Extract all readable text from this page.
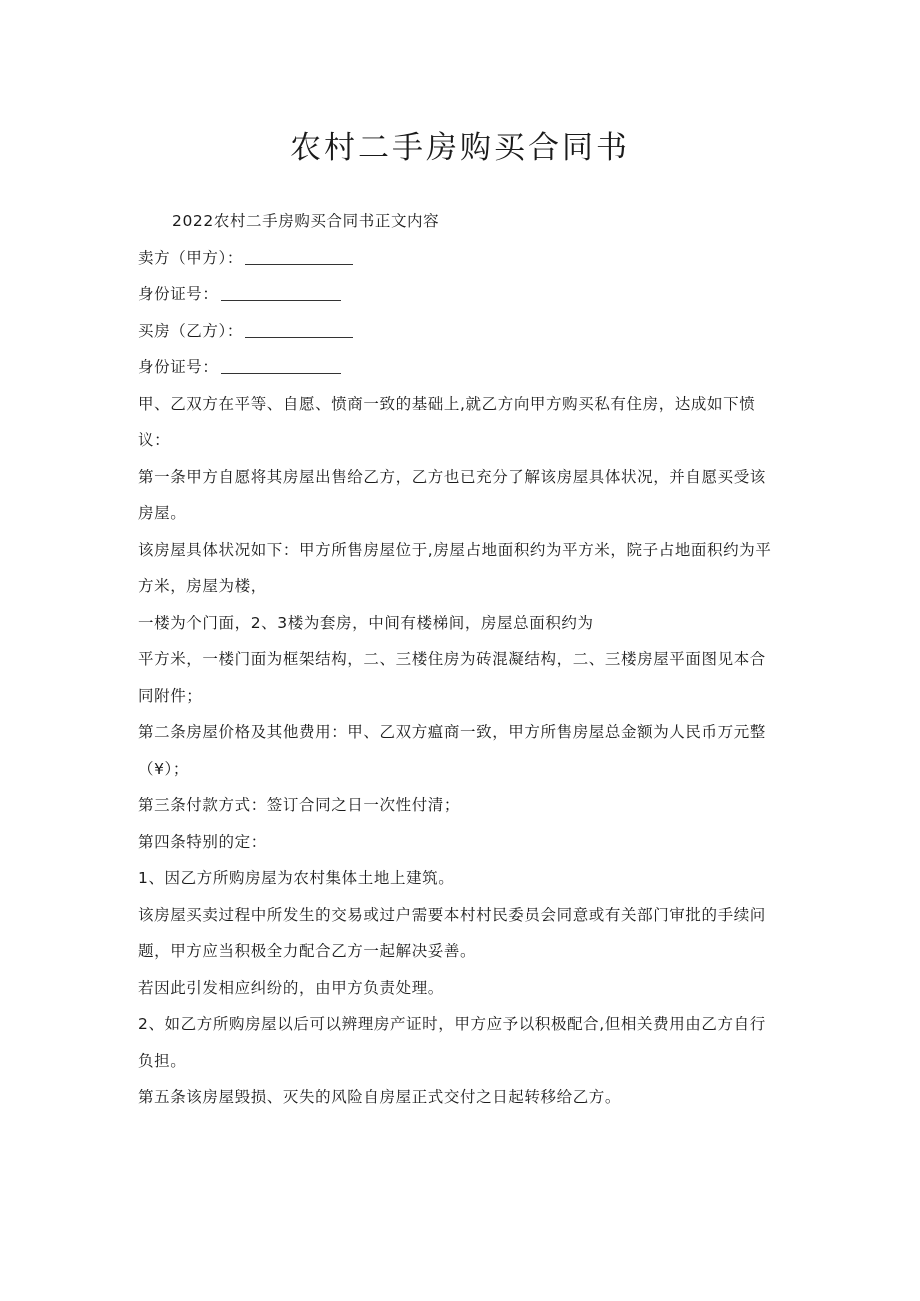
农村二手房购买合同书

2022农村二手房购买合同书正文内容

卖方（甲方）：

身份证号：

买房（乙方）：

身份证号：

甲、乙双方在平等、自愿、愤商一致的基础上,就乙方向甲方购买私有住房，达成如下愤议：

第一条甲方自愿将其房屋出售给乙方，乙方也已充分了解该房屋具体状况，并自愿买受该房屋。

该房屋具体状况如下：甲方所售房屋位于,房屋占地面积约为平方米，院子占地面积约为平方米，房屋为楼，

一楼为个门面，2、3楼为套房，中间有楼梯间，房屋总面积约为

平方米，一楼门面为框架结构，二、三楼住房为砖混凝结构，二、三楼房屋平面图见本合同附件；

第二条房屋价格及其他费用：甲、乙双方瘟商一致，甲方所售房屋总金额为人民币万元整（¥）；

第三条付款方式：签订合同之日一次性付清；

第四条特别的定：

1、因乙方所购房屋为农村集体土地上建筑。

该房屋买卖过程中所发生的交易或过户需要本村村民委员会同意或有关部门审批的手续问题，甲方应当积极全力配合乙方一起解决妥善。

若因此引发相应纠纷的，由甲方负责处理。

2、如乙方所购房屋以后可以辨理房产证时，甲方应予以积极配合,但相关费用由乙方自行负担。

第五条该房屋毁损、灭失的风险自房屋正式交付之日起转移给乙方。
